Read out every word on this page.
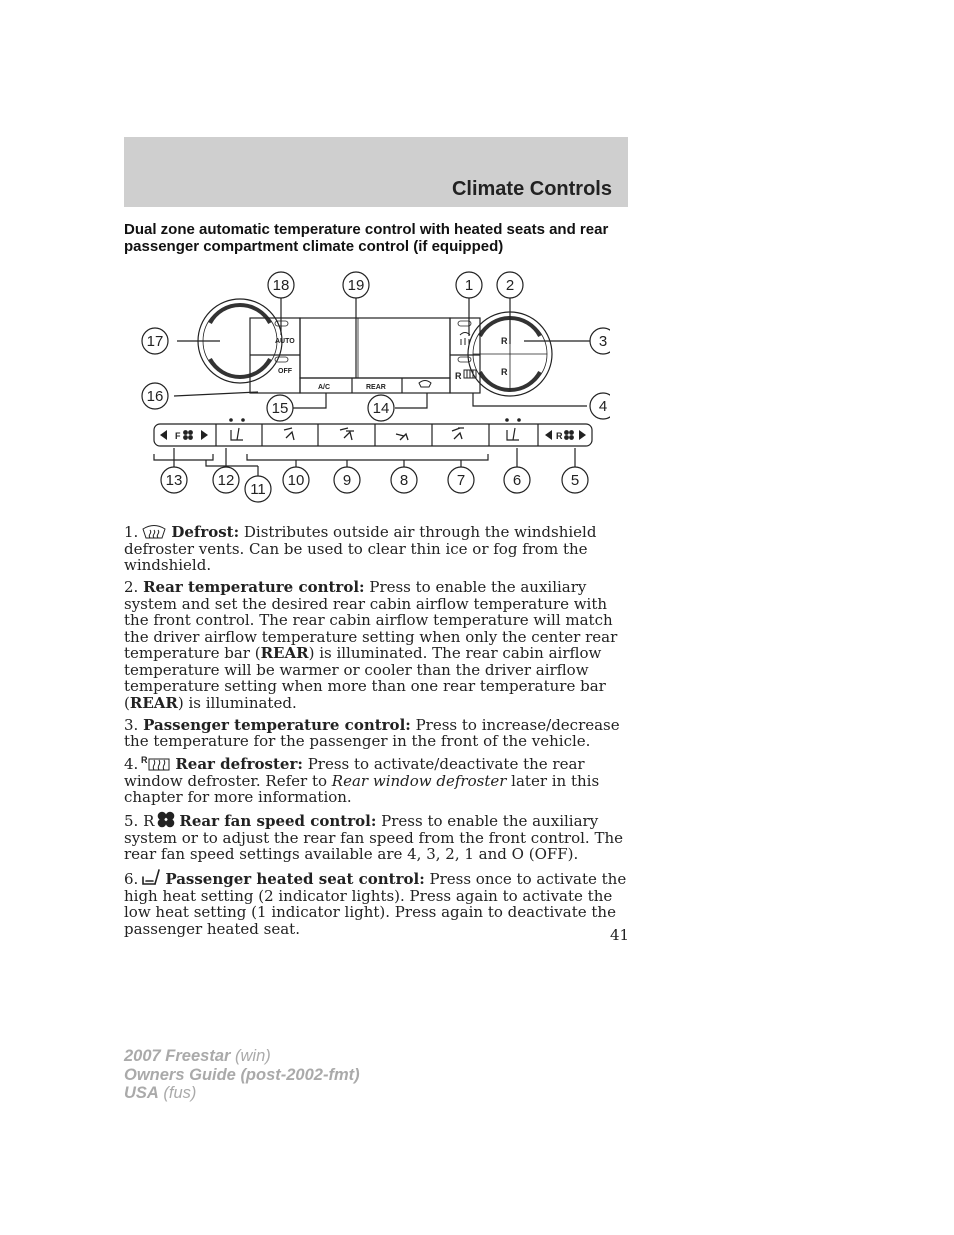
Climate Controls
Dual zone automatic temperature control with heated seats and rear passenger compartment climate control (if equipped)
AUTO
OFF
A/C	REAR
R
R
R
F	R
18	19	1 2
17	3
16
15	14	4
13 12
11
10	9	8	7	6	5

1. Defrost: Distributes outside air through the windshield defroster vents. Can be used to clear thin ice or fog from the windshield.

2. Rear temperature control: Press to enable the auxiliary system and set the desired rear cabin airflow temperature with the front control. The rear cabin airflow temperature will match the driver airflow temperature setting when only the center rear temperature bar (REAR) is illuminated. The rear cabin airflow temperature will be warmer or cooler than the driver airflow temperature setting when more than one rear temperature bar (REAR) is illuminated.

3. Passenger temperature control: Press to increase/decrease the temperature for the passenger in the front of the vehicle.

4. R Rear defroster: Press to activate/deactivate the rear window defroster. Refer to Rear window defroster later in this chapter for more information.

5. R Rear fan speed control: Press to enable the auxiliary system or to adjust the rear fan speed from the front control. The rear fan speed settings available are 4, 3, 2, 1 and O (OFF).

6. Passenger heated seat control: Press once to activate the high heat setting (2 indicator lights). Press again to activate the low heat setting (1 indicator light). Press again to deactivate the passenger heated seat.	41
2007 Freestar (win)
Owners Guide (post-2002-fmt)
USA (fus)
